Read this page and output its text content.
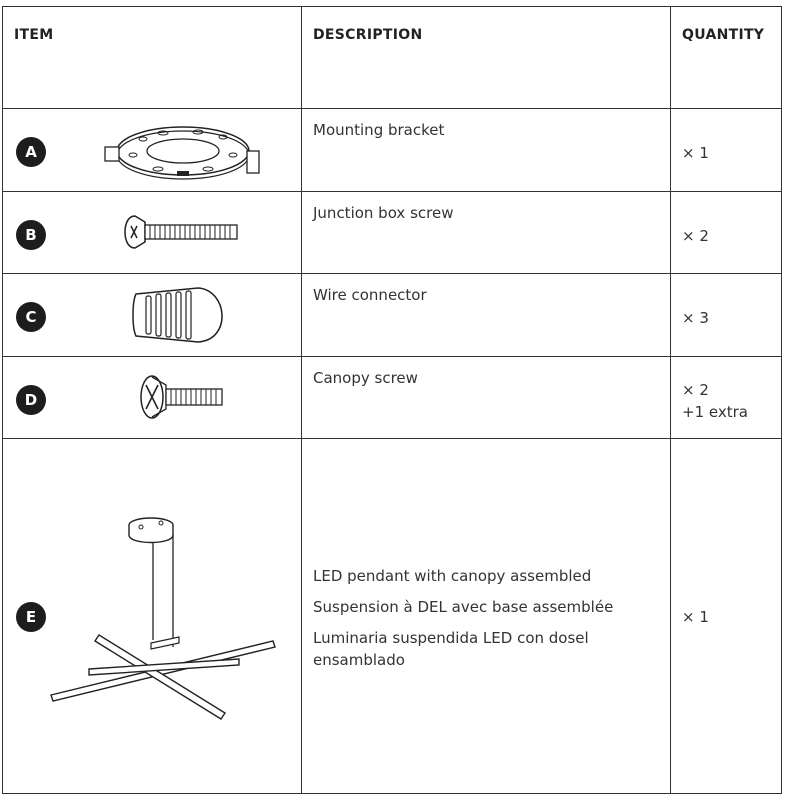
ITEM	DESCRIPTION	QUANTITY
A
Mounting bracket
× 1
B
Junction box screw
× 2
C
Wire connector
× 3
D
Canopy screw
× 2
+1 extra
E

LED pendant with canopy assembled

Suspension à DEL avec base assemblée

Luminaria suspendida LED con dosel ensamblado

× 1
